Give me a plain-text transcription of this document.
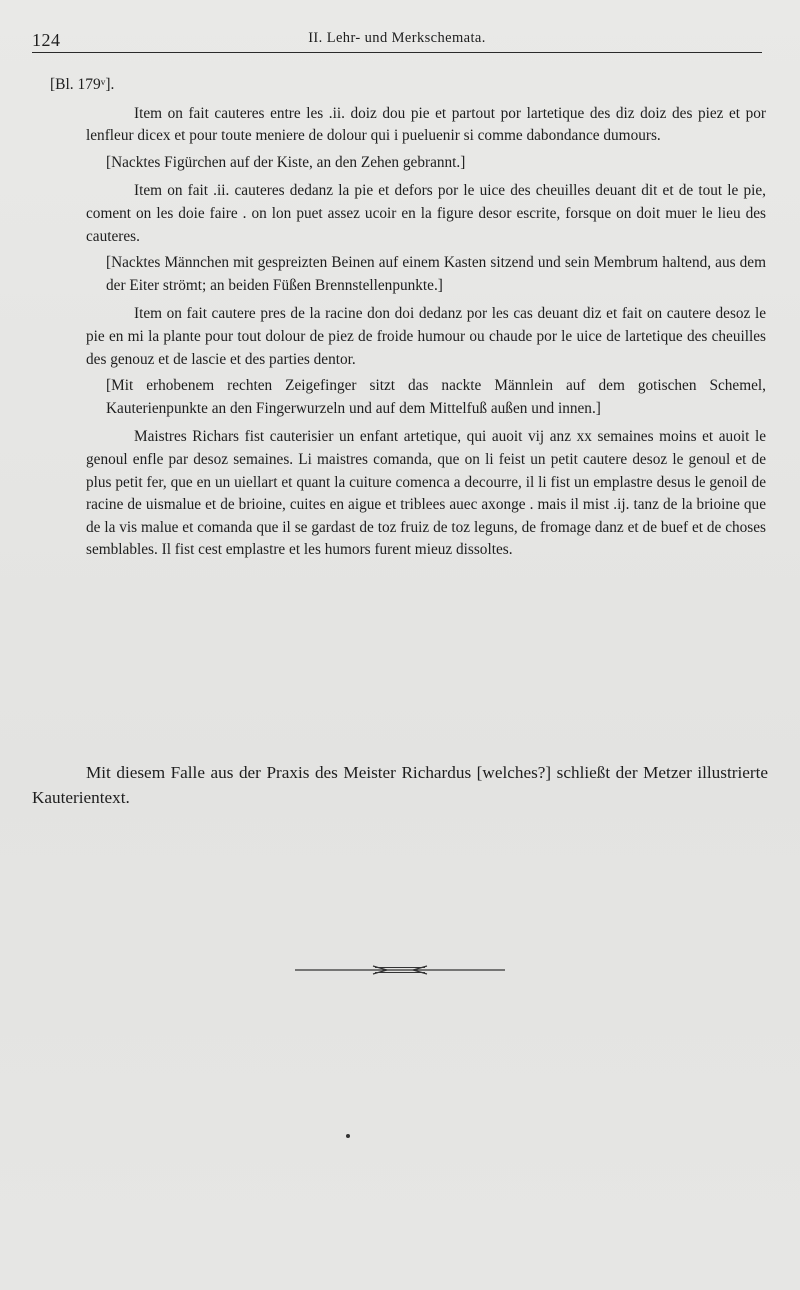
124	II. Lehr- und Merkschemata.

[Bl. 179ᵛ].

Item on fait cauteres entre les .ii. doiz dou pie et partout por lartetique des diz doiz des piez et por lenfleur dicex et pour toute meniere de dolour qui i pueluenir si comme dabondance dumours.

[Nacktes Figürchen auf der Kiste, an den Zehen gebrannt.]

Item on fait .ii. cauteres dedanz la pie et defors por le uice des cheuilles deuant dit et de tout le pie, coment on les doie faire . on lon puet assez ucoir en la figure desor escrite, forsque on doit muer le lieu des cauteres.

[Nacktes Männchen mit gespreizten Beinen auf einem Kasten sitzend und sein Membrum haltend, aus dem der Eiter strömt; an beiden Füßen Brennstellenpunkte.]

Item on fait cautere pres de la racine don doi dedanz por les cas deuant diz et fait on cautere desoz le pie en mi la plante pour tout dolour de piez de froide humour ou chaude por le uice de lartetique des cheuilles des genouz et de lascie et des parties dentor.

[Mit erhobenem rechten Zeigefinger sitzt das nackte Männlein auf dem gotischen Schemel, Kauterienpunkte an den Fingerwurzeln und auf dem Mittelfuß außen und innen.]

Maistres Richars fist cauterisier un enfant artetique, qui auoit vij anz xx semaines moins et auoit le genoul enfle par desoz semaines. Li maistres comanda, que on li feist un petit cautere desoz le genoul et de plus petit fer, que en un uiellart et quant la cuiture comenca a decourre, il li fist un emplastre desus le genoil de racine de uismalue et de brioine, cuites en aigue et triblees auec axonge . mais il mist .ij. tanz de la brioine que de la vis malue et comanda que il se gardast de toz fruiz de toz leguns, de fromage danz et de buef et de choses semblables. Il fist cest emplastre et les humors furent mieuz dissoltes.

Mit diesem Falle aus der Praxis des Meister Richardus [welches?] schließt der Metzer illustrierte Kauterientext.
